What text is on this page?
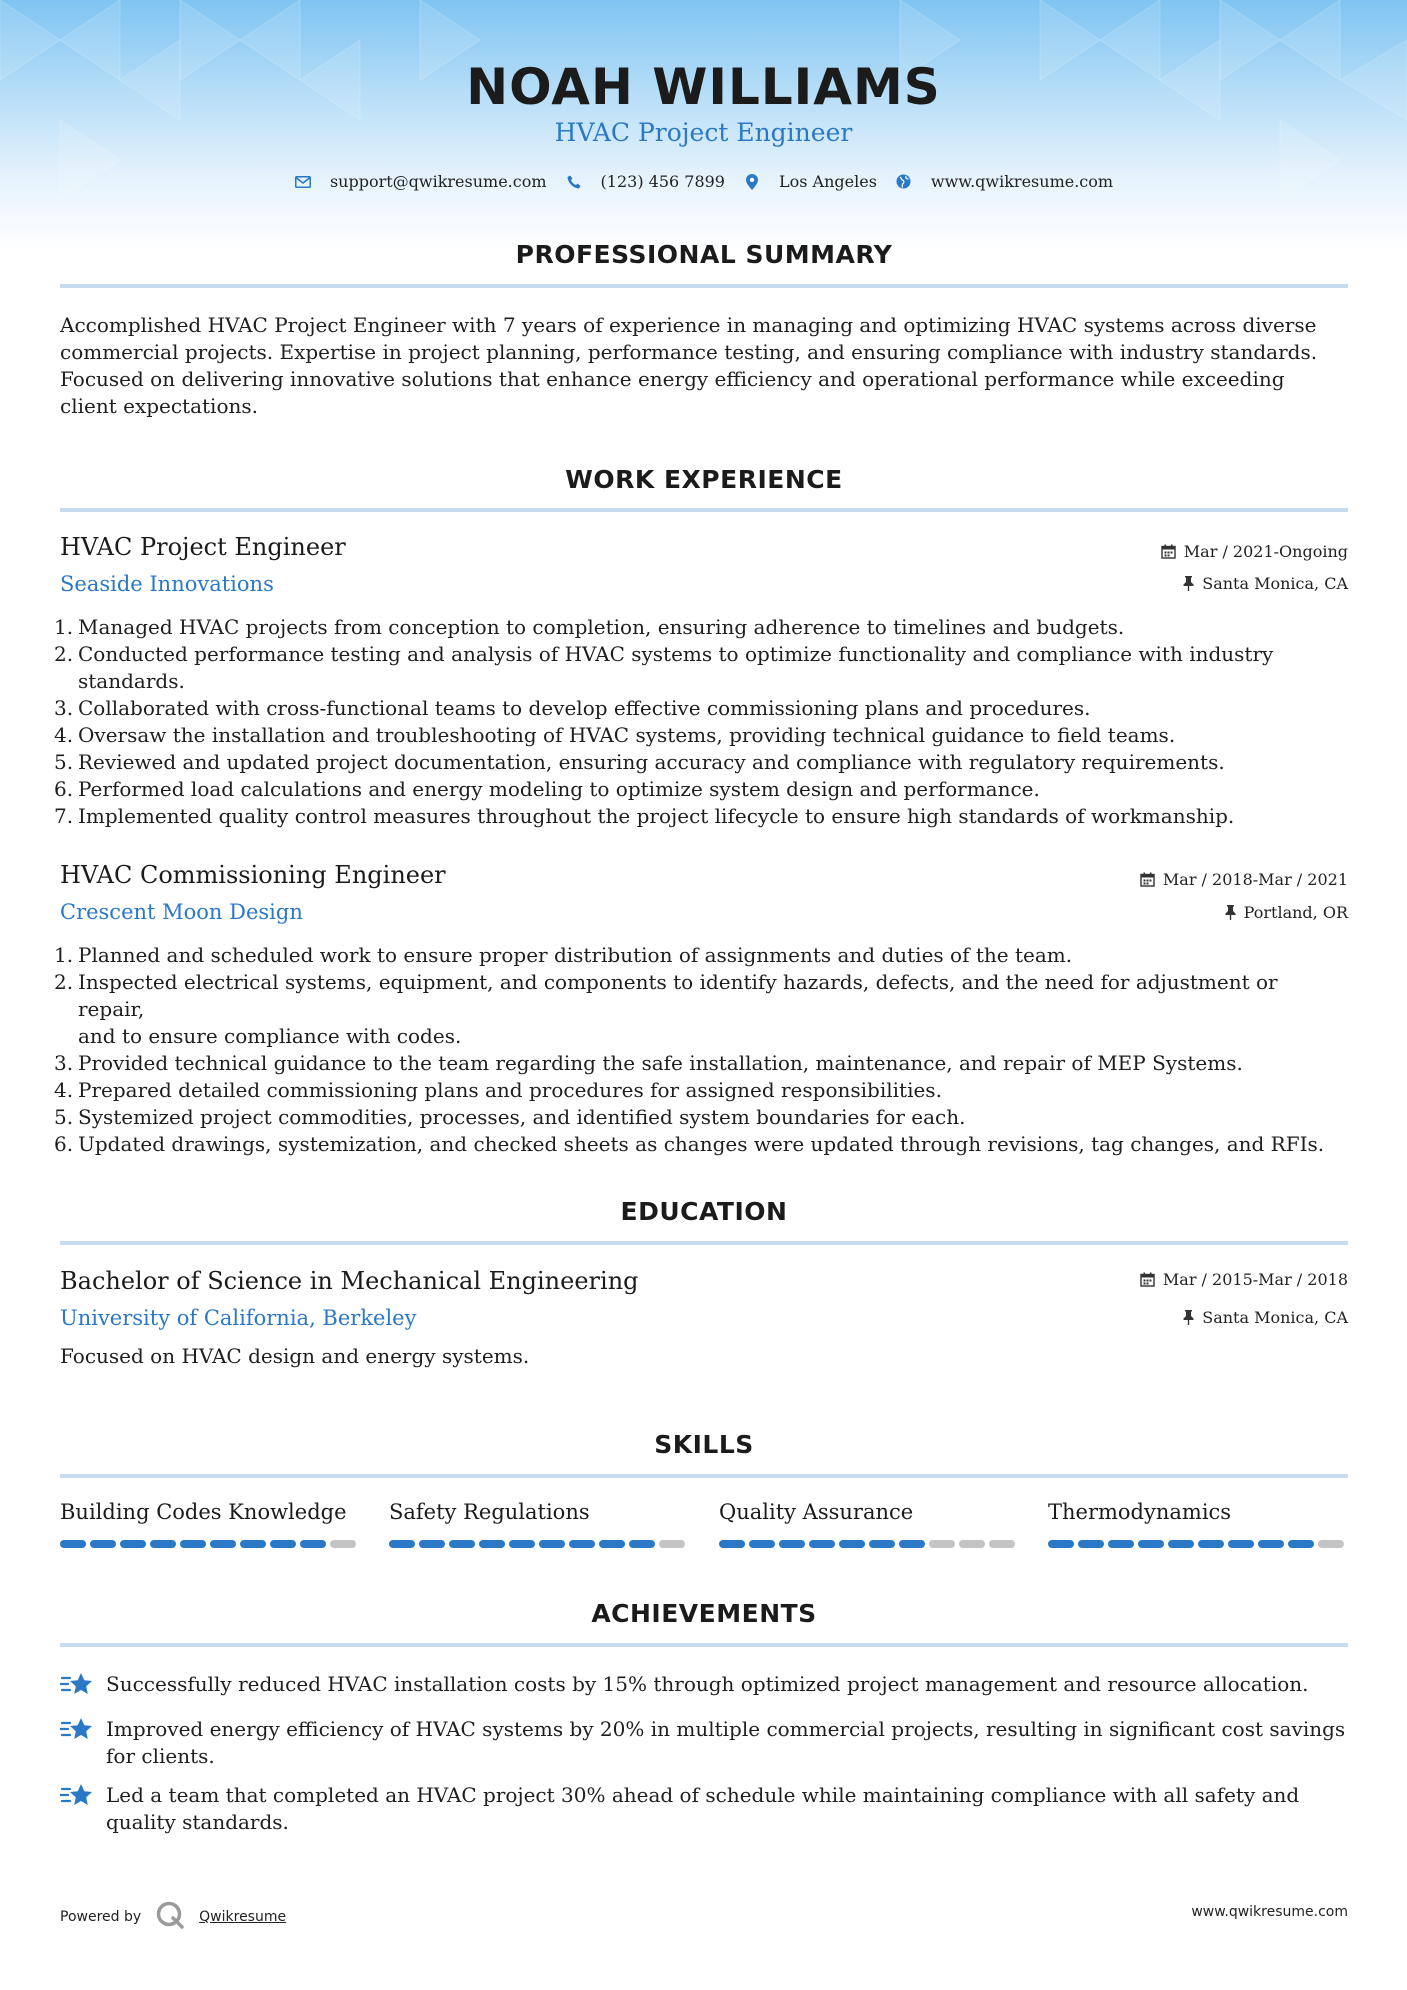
NOAH WILLIAMS
HVAC Project Engineer
support@qwikresume.com	(123) 456 7899	Los Angeles	www.qwikresume.com
PROFESSIONAL SUMMARY
Accomplished HVAC Project Engineer with 7 years of experience in managing and optimizing HVAC systems across diverse
commercial projects. Expertise in project planning, performance testing, and ensuring compliance with industry standards.
Focused on delivering innovative solutions that enhance energy efficiency and operational performance while exceeding
client expectations.
WORK EXPERIENCE
HVAC Project Engineer
Seaside Innovations
Mar / 2021-Ongoing
Santa Monica, CA
1. Managed HVAC projects from conception to completion, ensuring adherence to timelines and budgets.
2. Conducted performance testing and analysis of HVAC systems to optimize functionality and compliance with industry
standards.
3. Collaborated with cross-functional teams to develop effective commissioning plans and procedures.
4. Oversaw the installation and troubleshooting of HVAC systems, providing technical guidance to field teams.
5. Reviewed and updated project documentation, ensuring accuracy and compliance with regulatory requirements.
6. Performed load calculations and energy modeling to optimize system design and performance.
7. Implemented quality control measures throughout the project lifecycle to ensure high standards of workmanship.
HVAC Commissioning Engineer
Crescent Moon Design
Mar / 2018-Mar / 2021
Portland, OR
1. Planned and scheduled work to ensure proper distribution of assignments and duties of the team.
2. Inspected electrical systems, equipment, and components to identify hazards, defects, and the need for adjustment or repair,
and to ensure compliance with codes.
3. Provided technical guidance to the team regarding the safe installation, maintenance, and repair of MEP Systems.
4. Prepared detailed commissioning plans and procedures for assigned responsibilities.
5. Systemized project commodities, processes, and identified system boundaries for each.
6. Updated drawings, systemization, and checked sheets as changes were updated through revisions, tag changes, and RFIs.
EDUCATION
Bachelor of Science in Mechanical Engineering
University of California, Berkeley
Mar / 2015-Mar / 2018
Santa Monica, CA
Focused on HVAC design and energy systems.
SKILLS
Building Codes Knowledge	Safety Regulations	Quality Assurance	Thermodynamics
ACHIEVEMENTS
Successfully reduced HVAC installation costs by 15% through optimized project management and resource allocation.
Improved energy efficiency of HVAC systems by 20% in multiple commercial projects, resulting in significant cost savings
for clients.
Led a team that completed an HVAC project 30% ahead of schedule while maintaining compliance with all safety and
quality standards.
Powered by	Qwikresume	www.qwikresume.com
